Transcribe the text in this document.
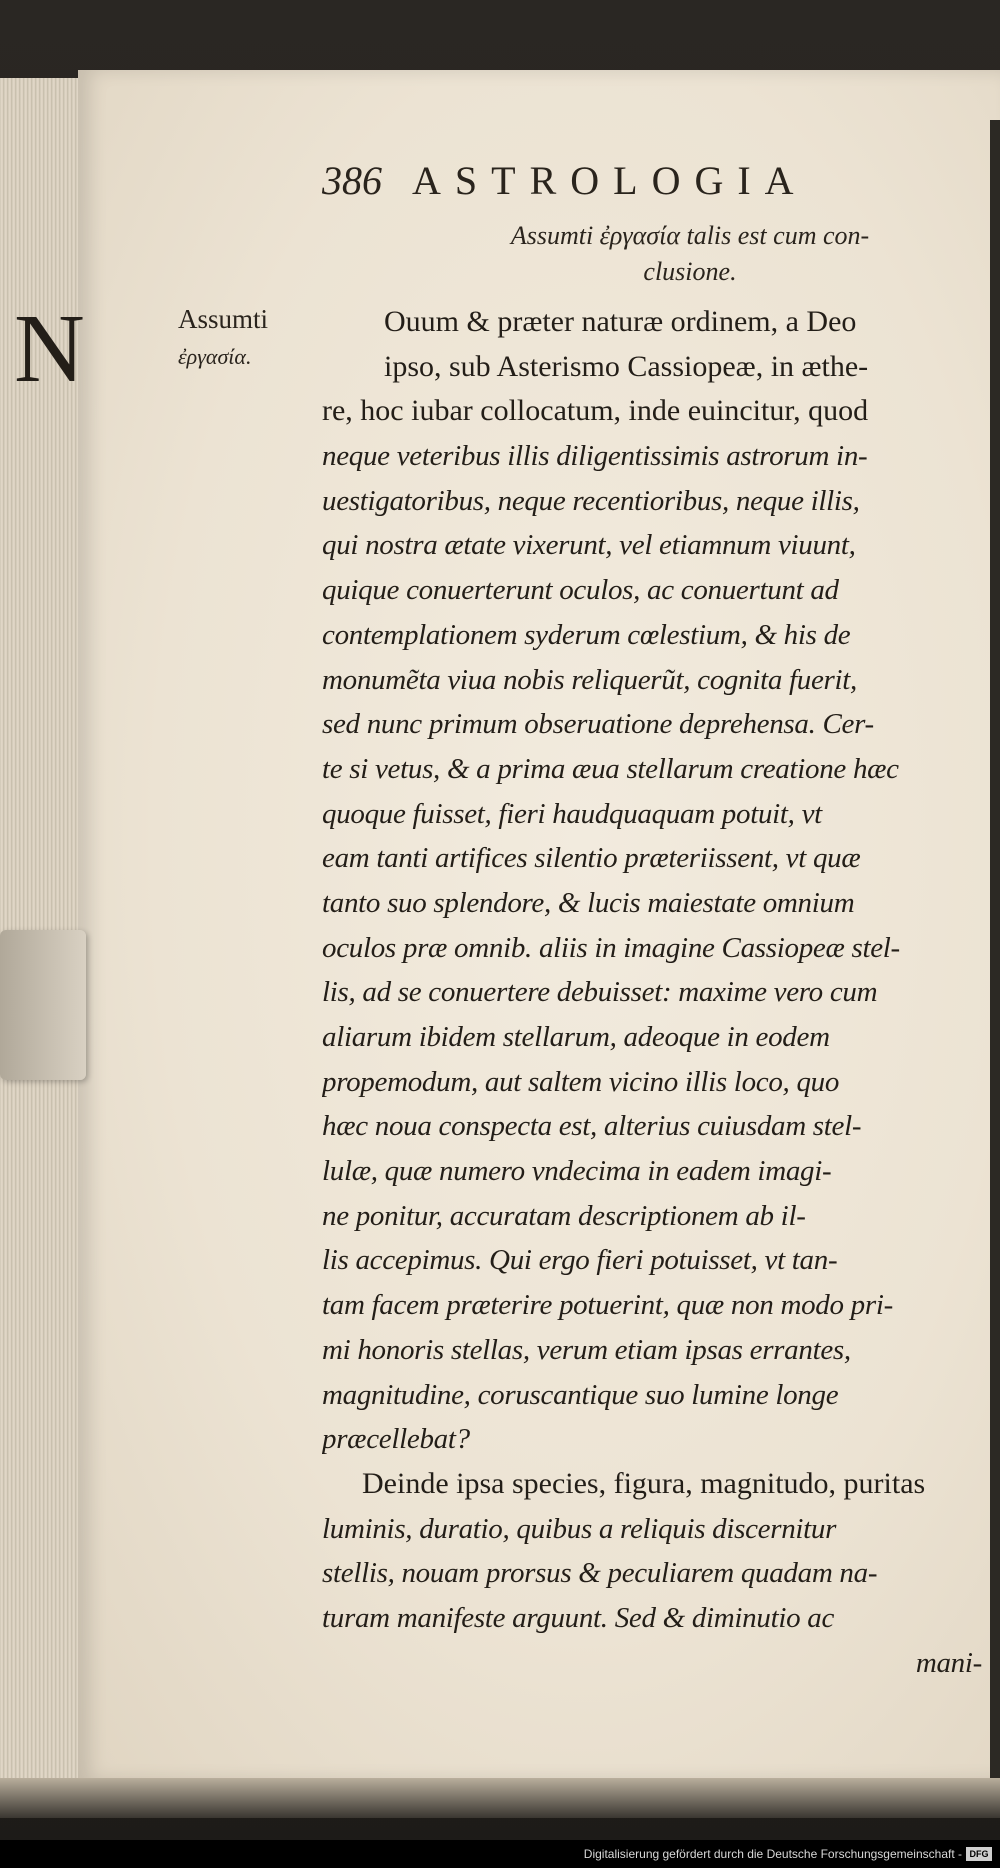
386 ASTROLOGIA
Assumti ἐργασία talis est cum con-
clusione.
Assumti
ἐργασία.
N	Ouum & præter naturæ ordinem, a Deo
ipso, sub Asterismo Cassiopeæ, in æthe-
re, hoc iubar collocatum, inde euincitur, quod
neque veteribus illis diligentissimis astrorum in-
uestigatoribus, neque recentioribus, neque illis,
qui nostra ætate vixerunt, vel etiamnum viuunt,
quique conuerterunt oculos, ac conuertunt ad
contemplationem syderum cœlestium, & his de
monumẽta viua nobis reliquerũt, cognita fuerit,
sed nunc primum obseruatione deprehensa. Cer-
te si vetus, & a prima æua stellarum creatione hæc
quoque fuisset, fieri haudquaquam potuit, vt
eam tanti artifices silentio præteriissent, vt quæ
tanto suo splendore, & lucis maiestate omnium
oculos præ omnib. aliis in imagine Cassiopeæ stel-
lis, ad se conuertere debuisset: maxime vero cum
aliarum ibidem stellarum, adeoque in eodem
propemodum, aut saltem vicino illis loco, quo
hæc noua conspecta est, alterius cuiusdam stel-
lulæ, quæ numero vndecima in eadem imagi-
ne ponitur, accuratam descriptionem ab il-
lis accepimus. Qui ergo fieri potuisset, vt tan-
tam facem præterire potuerint, quæ non modo pri-
mi honoris stellas, verum etiam ipsas errantes,
magnitudine, coruscantique suo lumine longe
præcellebat?
Deinde ipsa species, figura, magnitudo, puritas
luminis, duratio, quibus a reliquis discernitur
stellis, nouam prorsus & peculiarem quadam na-
turam manifeste arguunt. Sed & diminutio ac
mani-
Digitalisierung gefördert durch die Deutsche Forschungsgemeinschaft - DFG
